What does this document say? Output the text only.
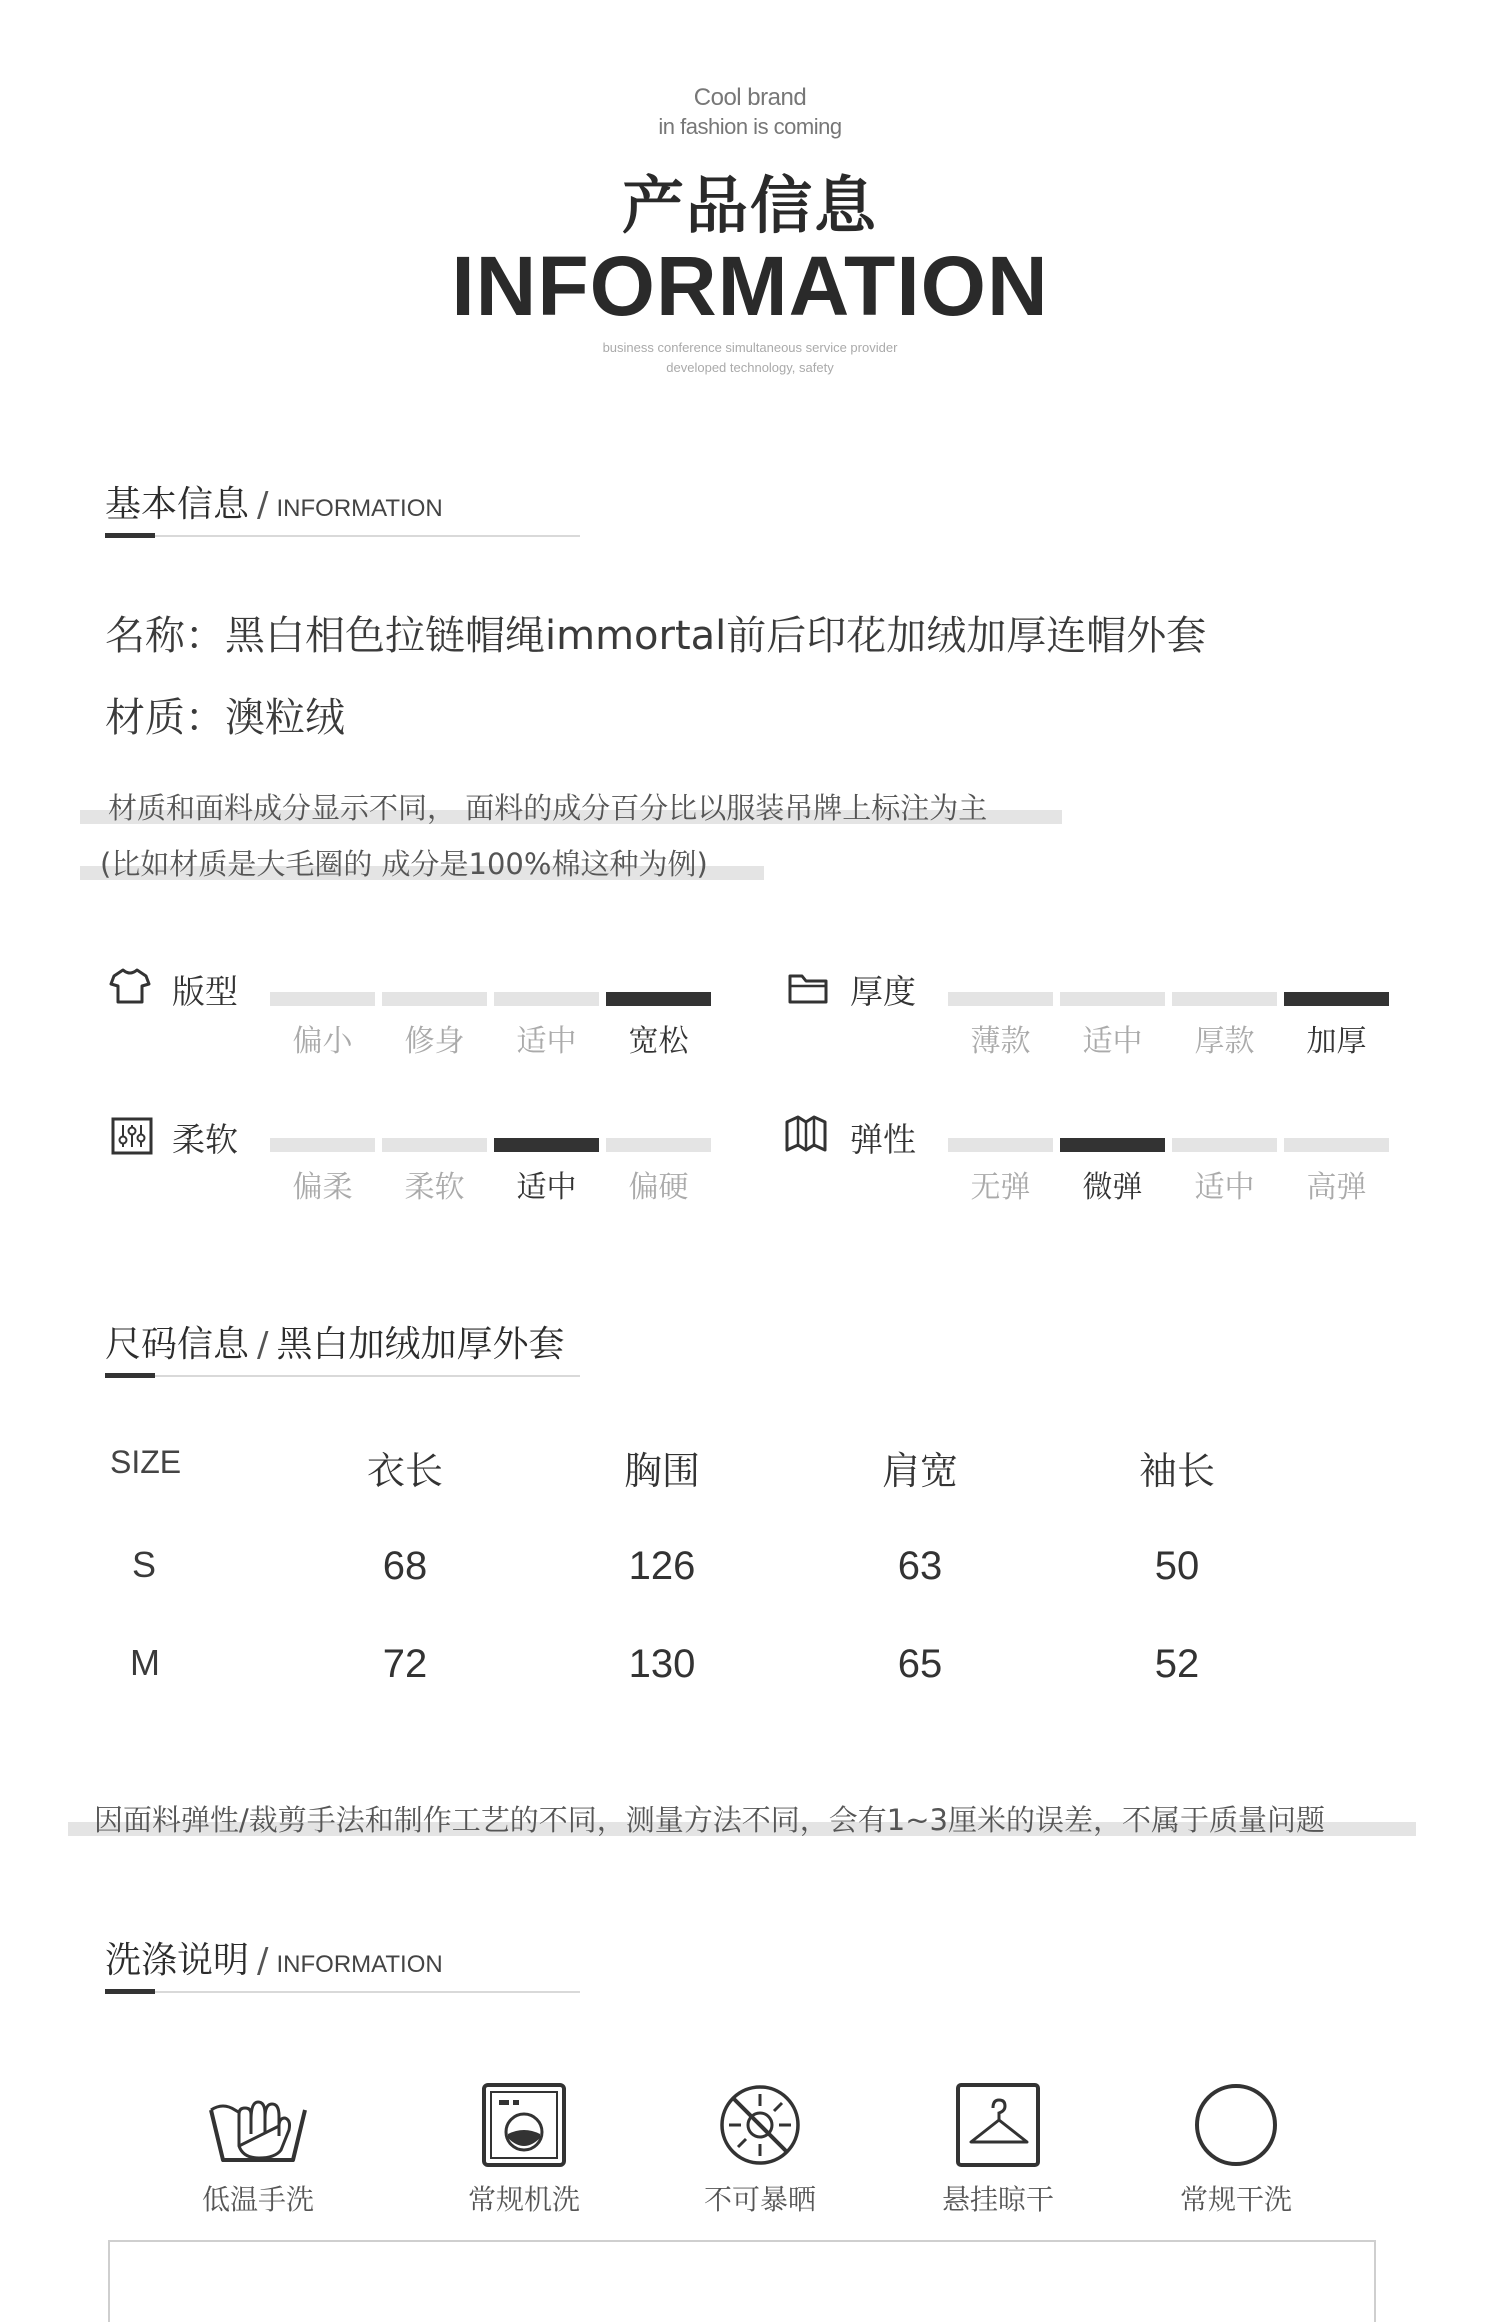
Cool brand
in fashion is coming
产品信息
INFORMATION
business conference simultaneous service provider
developed technology, safety
基本信息 / INFORMATION
名称：黑白相色拉链帽绳immortal前后印花加绒加厚连帽外套
材质：澳粒绒
材质和面料成分显示不同， 面料的成分百分比以服装吊牌上标注为主
(比如材质是大毛圈的 成分是100%棉这种为例)
版型
偏小	修身	适中	宽松
厚度
薄款	适中	厚款	加厚
柔软
偏柔	柔软	适中	偏硬
弹性
无弹	微弹	适中	高弹
尺码信息 / 黑白加绒加厚外套
SIZE	衣长	胸围	肩宽	袖长
S	68	126	63	50
M	72	130	65	52
因面料弹性/裁剪手法和制作工艺的不同，测量方法不同，会有1~3厘米的误差，不属于质量问题
洗涤说明 / INFORMATION
低温手洗	常规机洗	不可暴晒	悬挂晾干	常规干洗
